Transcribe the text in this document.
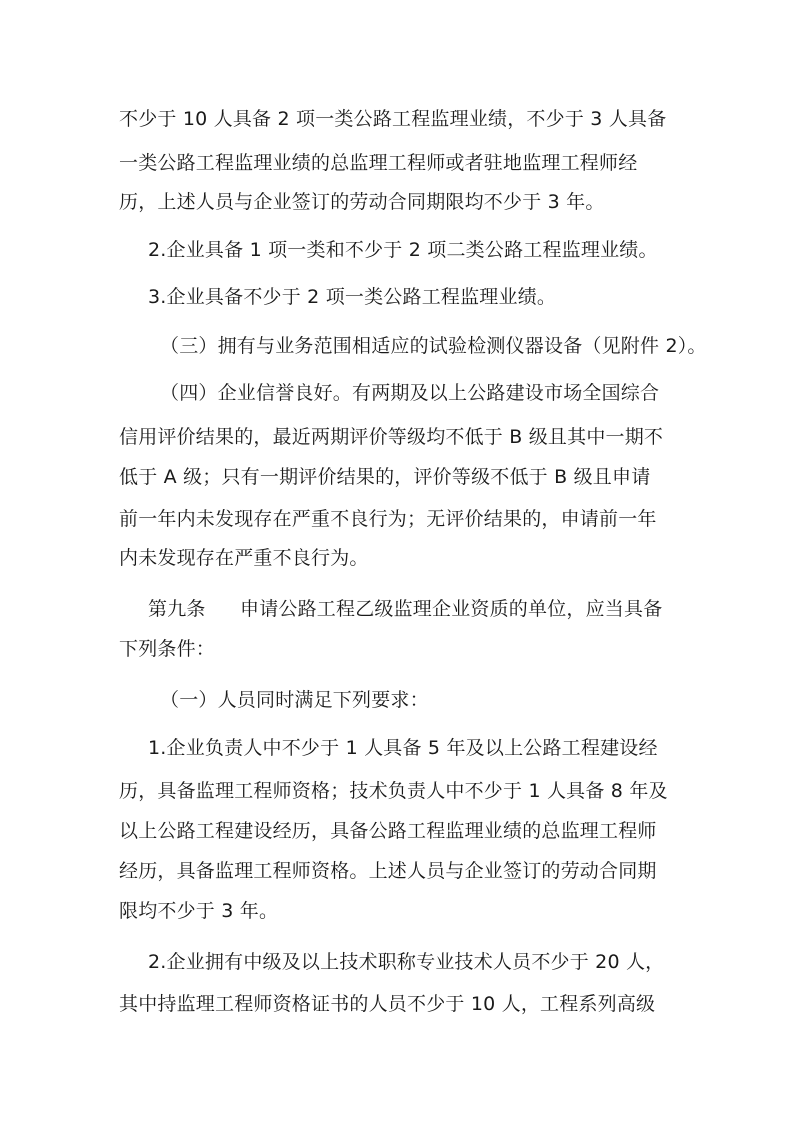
不少于 10 人具备 2 项一类公路工程监理业绩，不少于 3 人具备
一类公路工程监理业绩的总监理工程师或者驻地监理工程师经
历，上述人员与企业签订的劳动合同期限均不少于 3 年。
2.企业具备 1 项一类和不少于 2 项二类公路工程监理业绩。
3.企业具备不少于 2 项一类公路工程监理业绩。
（三）拥有与业务范围相适应的试验检测仪器设备（见附件 2）。
（四）企业信誉良好。有两期及以上公路建设市场全国综合
信用评价结果的，最近两期评价等级均不低于 B 级且其中一期不
低于 A 级；只有一期评价结果的，评价等级不低于 B 级且申请
前一年内未发现存在严重不良行为；无评价结果的，申请前一年
内未发现存在严重不良行为。
第九条 申请公路工程乙级监理企业资质的单位，应当具备
下列条件：
（一）人员同时满足下列要求：
1.企业负责人中不少于 1 人具备 5 年及以上公路工程建设经
历，具备监理工程师资格；技术负责人中不少于 1 人具备 8 年及
以上公路工程建设经历，具备公路工程监理业绩的总监理工程师
经历，具备监理工程师资格。上述人员与企业签订的劳动合同期
限均不少于 3 年。
2.企业拥有中级及以上技术职称专业技术人员不少于 20 人，
其中持监理工程师资格证书的人员不少于 10 人，工程系列高级
